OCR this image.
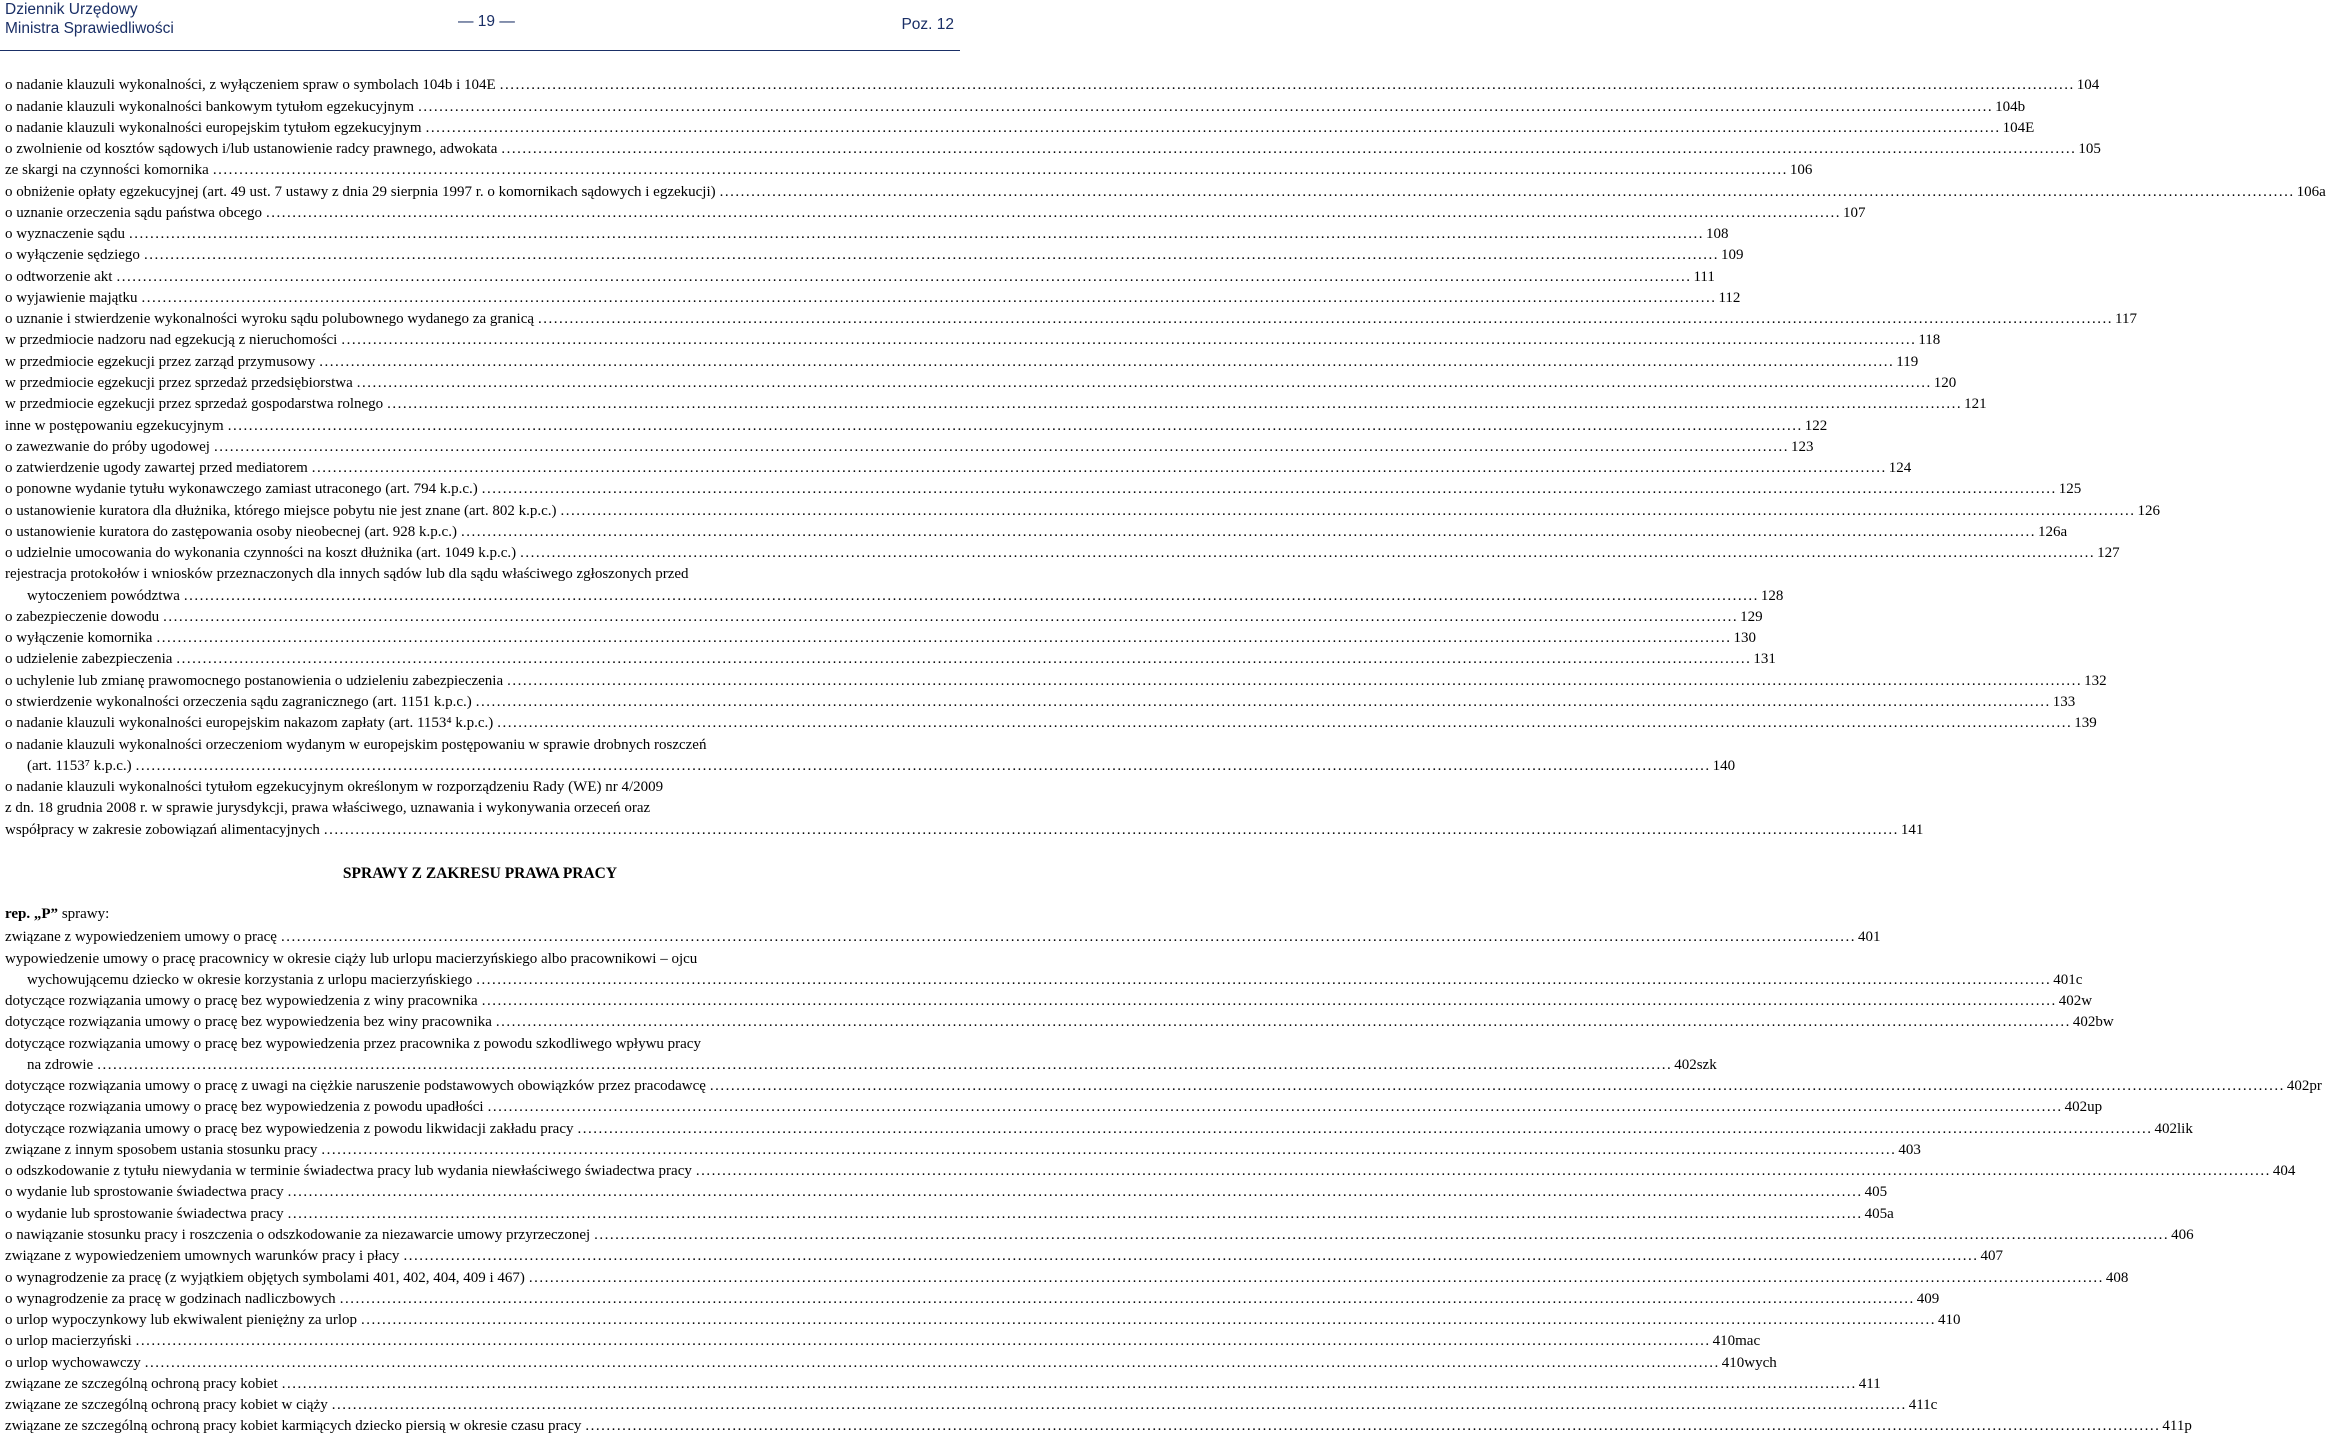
Dziennik Urzędowy
Ministra Sprawiedliwości	— 19 —	Poz. 12
o nadanie klauzuli wykonalności, z wyłączeniem spraw o symbolach 104b i 104E ............................................................................................................................................................................................................................................................................................................ 104
o nadanie klauzuli wykonalności bankowym tytułom egzekucyjnym ............................................................................................................................................................................................................................................................................................................ 104b
o nadanie klauzuli wykonalności europejskim tytułom egzekucyjnym ............................................................................................................................................................................................................................................................................................................ 104E
o zwolnienie od kosztów sądowych i/lub ustanowienie radcy prawnego, adwokata ............................................................................................................................................................................................................................................................................................................ 105
ze skargi na czynności komornika ............................................................................................................................................................................................................................................................................................................ 106
o obniżenie opłaty egzekucyjnej (art. 49 ust. 7 ustawy z dnia 29 sierpnia 1997 r. o komornikach sądowych i egzekucji) ............................................................................................................................................................................................................................................................................................................ 106a
o uznanie orzeczenia sądu państwa obcego ............................................................................................................................................................................................................................................................................................................ 107
o wyznaczenie sądu ............................................................................................................................................................................................................................................................................................................ 108
o wyłączenie sędziego ............................................................................................................................................................................................................................................................................................................ 109
o odtworzenie akt ............................................................................................................................................................................................................................................................................................................ 111
o wyjawienie majątku ............................................................................................................................................................................................................................................................................................................ 112
o uznanie i stwierdzenie wykonalności wyroku sądu polubownego wydanego za granicą ............................................................................................................................................................................................................................................................................................................ 117
w przedmiocie nadzoru nad egzekucją z nieruchomości ............................................................................................................................................................................................................................................................................................................ 118
w przedmiocie egzekucji przez zarząd przymusowy ............................................................................................................................................................................................................................................................................................................ 119
w przedmiocie egzekucji przez sprzedaż przedsiębiorstwa ............................................................................................................................................................................................................................................................................................................ 120
w przedmiocie egzekucji przez sprzedaż gospodarstwa rolnego ............................................................................................................................................................................................................................................................................................................ 121
inne w postępowaniu egzekucyjnym ............................................................................................................................................................................................................................................................................................................ 122
o zawezwanie do próby ugodowej ............................................................................................................................................................................................................................................................................................................ 123
o zatwierdzenie ugody zawartej przed mediatorem ............................................................................................................................................................................................................................................................................................................ 124
o ponowne wydanie tytułu wykonawczego zamiast utraconego (art. 794 k.p.c.) ............................................................................................................................................................................................................................................................................................................ 125
o ustanowienie kuratora dla dłużnika, którego miejsce pobytu nie jest znane (art. 802 k.p.c.) ............................................................................................................................................................................................................................................................................................................ 126
o ustanowienie kuratora do zastępowania osoby nieobecnej (art. 928 k.p.c.) ............................................................................................................................................................................................................................................................................................................ 126a
o udzielnie umocowania do wykonania czynności na koszt dłużnika (art. 1049 k.p.c.) ............................................................................................................................................................................................................................................................................................................ 127
rejestracja protokołów i wniosków przeznaczonych dla innych sądów lub dla sądu właściwego zgłoszonych przed
wytoczeniem powództwa ............................................................................................................................................................................................................................................................................................................ 128
o zabezpieczenie dowodu ............................................................................................................................................................................................................................................................................................................ 129
o wyłączenie komornika ............................................................................................................................................................................................................................................................................................................ 130
o udzielenie zabezpieczenia ............................................................................................................................................................................................................................................................................................................ 131
o uchylenie lub zmianę prawomocnego postanowienia o udzieleniu zabezpieczenia ............................................................................................................................................................................................................................................................................................................ 132
o stwierdzenie wykonalności orzeczenia sądu zagranicznego (art. 1151 k.p.c.) ............................................................................................................................................................................................................................................................................................................ 133
o nadanie klauzuli wykonalności europejskim nakazom zapłaty (art. 1153⁴ k.p.c.) ............................................................................................................................................................................................................................................................................................................ 139
o nadanie klauzuli wykonalności orzeczeniom wydanym w europejskim postępowaniu w sprawie drobnych roszczeń
(art. 1153⁷ k.p.c.) ............................................................................................................................................................................................................................................................................................................ 140
o nadanie klauzuli wykonalności tytułom egzekucyjnym określonym w rozporządzeniu Rady (WE) nr 4/2009
z dn. 18 grudnia 2008 r. w sprawie jurysdykcji, prawa właściwego, uznawania i wykonywania orzeceń oraz
współpracy w zakresie zobowiązań alimentacyjnych ............................................................................................................................................................................................................................................................................................................ 141
SPRAWY Z ZAKRESU PRAWA PRACY
rep. „P” sprawy:
związane z wypowiedzeniem umowy o pracę ............................................................................................................................................................................................................................................................................................................ 401
wypowiedzenie umowy o pracę pracownicy w okresie ciąży lub urlopu macierzyńskiego albo pracownikowi – ojcu
wychowującemu dziecko w okresie korzystania z urlopu macierzyńskiego ............................................................................................................................................................................................................................................................................................................ 401c
dotyczące rozwiązania umowy o pracę bez wypowiedzenia z winy pracownika ............................................................................................................................................................................................................................................................................................................ 402w
dotyczące rozwiązania umowy o pracę bez wypowiedzenia bez winy pracownika ............................................................................................................................................................................................................................................................................................................ 402bw
dotyczące rozwiązania umowy o pracę bez wypowiedzenia przez pracownika z powodu szkodliwego wpływu pracy
na zdrowie ............................................................................................................................................................................................................................................................................................................ 402szk
dotyczące rozwiązania umowy o pracę z uwagi na ciężkie naruszenie podstawowych obowiązków przez pracodawcę ............................................................................................................................................................................................................................................................................................................ 402pr
dotyczące rozwiązania umowy o pracę bez wypowiedzenia z powodu upadłości ............................................................................................................................................................................................................................................................................................................ 402up
dotyczące rozwiązania umowy o pracę bez wypowiedzenia z powodu likwidacji zakładu pracy ............................................................................................................................................................................................................................................................................................................ 402lik
związane z innym sposobem ustania stosunku pracy ............................................................................................................................................................................................................................................................................................................ 403
o odszkodowanie z tytułu niewydania w terminie świadectwa pracy lub wydania niewłaściwego świadectwa pracy ............................................................................................................................................................................................................................................................................................................ 404
o wydanie lub sprostowanie świadectwa pracy ............................................................................................................................................................................................................................................................................................................ 405
o wydanie lub sprostowanie świadectwa pracy ............................................................................................................................................................................................................................................................................................................ 405a
o nawiązanie stosunku pracy i roszczenia o odszkodowanie za niezawarcie umowy przyrzeczonej ............................................................................................................................................................................................................................................................................................................ 406
związane z wypowiedzeniem umownych warunków pracy i płacy ............................................................................................................................................................................................................................................................................................................ 407
o wynagrodzenie za pracę (z wyjątkiem objętych symbolami 401, 402, 404, 409 i 467) ............................................................................................................................................................................................................................................................................................................ 408
o wynagrodzenie za pracę w godzinach nadliczbowych ............................................................................................................................................................................................................................................................................................................ 409
o urlop wypoczynkowy lub ekwiwalent pieniężny za urlop ............................................................................................................................................................................................................................................................................................................ 410
o urlop macierzyński ............................................................................................................................................................................................................................................................................................................ 410mac
o urlop wychowawczy ............................................................................................................................................................................................................................................................................................................ 410wych
związane ze szczególną ochroną pracy kobiet ............................................................................................................................................................................................................................................................................................................ 411
związane ze szczególną ochroną pracy kobiet w ciąży ............................................................................................................................................................................................................................................................................................................ 411c
związane ze szczególną ochroną pracy kobiet karmiących dziecko piersią w okresie czasu pracy ............................................................................................................................................................................................................................................................................................................ 411p
